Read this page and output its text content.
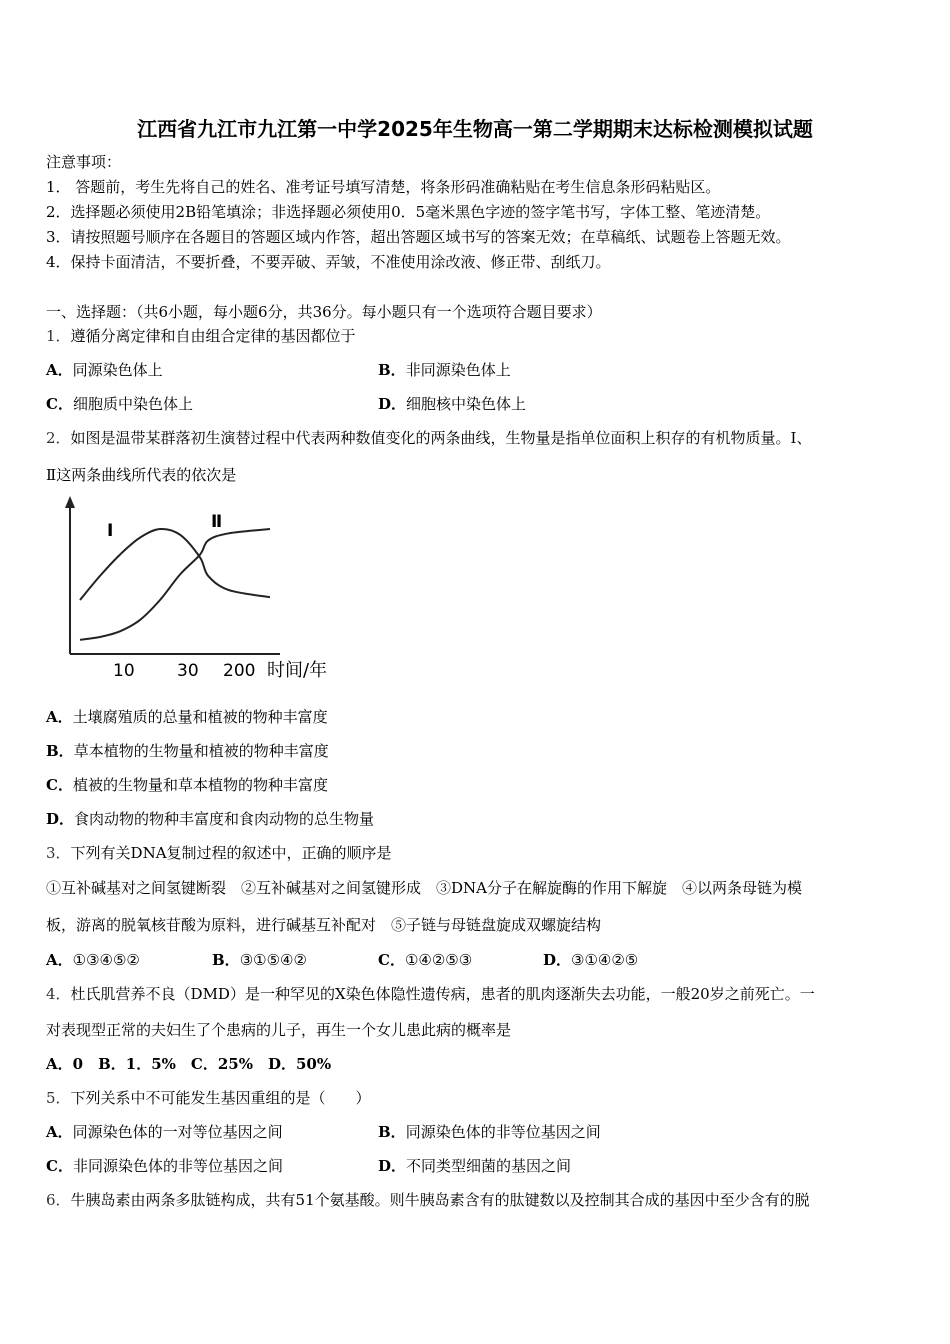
江西省九江市九江第一中学2025年生物高一第二学期期末达标检测模拟试题
注意事项：
1． 答题前，考生先将自己的姓名、准考证号填写清楚，将条形码准确粘贴在考生信息条形码粘贴区。
2．选择题必须使用2B铅笔填涂；非选择题必须使用0．5毫米黑色字迹的签字笔书写，字体工整、笔迹清楚。
3．请按照题号顺序在各题目的答题区域内作答，超出答题区域书写的答案无效；在草稿纸、试题卷上答题无效。
4．保持卡面清洁，不要折叠，不要弄破、弄皱，不准使用涂改液、修正带、刮纸刀。
一、选择题：（共6小题，每小题6分，共36分。每小题只有一个选项符合题目要求）
1．遵循分离定律和自由组合定律的基因都位于
A．同源染色体上	B．非同源染色体上
C．细胞质中染色体上	D．细胞核中染色体上
2．如图是温带某群落初生演替过程中代表两种数值变化的两条曲线，生物量是指单位面积上积存的有机物质量。Ⅰ、
Ⅱ这两条曲线所代表的依次是
Ⅰ	Ⅱ
10 30 200 时间/年
A．土壤腐殖质的总量和植被的物种丰富度
B．草本植物的生物量和植被的物种丰富度
C．植被的生物量和草本植物的物种丰富度
D．食肉动物的物种丰富度和食肉动物的总生物量
3．下列有关DNA复制过程的叙述中，正确的顺序是
①互补碱基对之间氢键断裂　②互补碱基对之间氢键形成　③DNA分子在解旋酶的作用下解旋　④以两条母链为模
板，游离的脱氧核苷酸为原料，进行碱基互补配对　⑤子链与母链盘旋成双螺旋结构
A．①③④⑤②	B．③①⑤④②	C．①④②⑤③	D．③①④②⑤
4．杜氏肌营养不良（DMD）是一种罕见的X染色体隐性遗传病，患者的肌肉逐渐失去功能，一般20岁之前死亡。一
对表现型正常的夫妇生了个患病的儿子，再生一个女儿患此病的概率是
A．0　B．1．5%　C．25%　D．50%
5．下列关系中不可能发生基因重组的是（　　）
A．同源染色体的一对等位基因之间	B．同源染色体的非等位基因之间
C．非同源染色体的非等位基因之间	D．不同类型细菌的基因之间
6．牛胰岛素由两条多肽链构成，共有51个氨基酸。则牛胰岛素含有的肽键数以及控制其合成的基因中至少含有的脱
